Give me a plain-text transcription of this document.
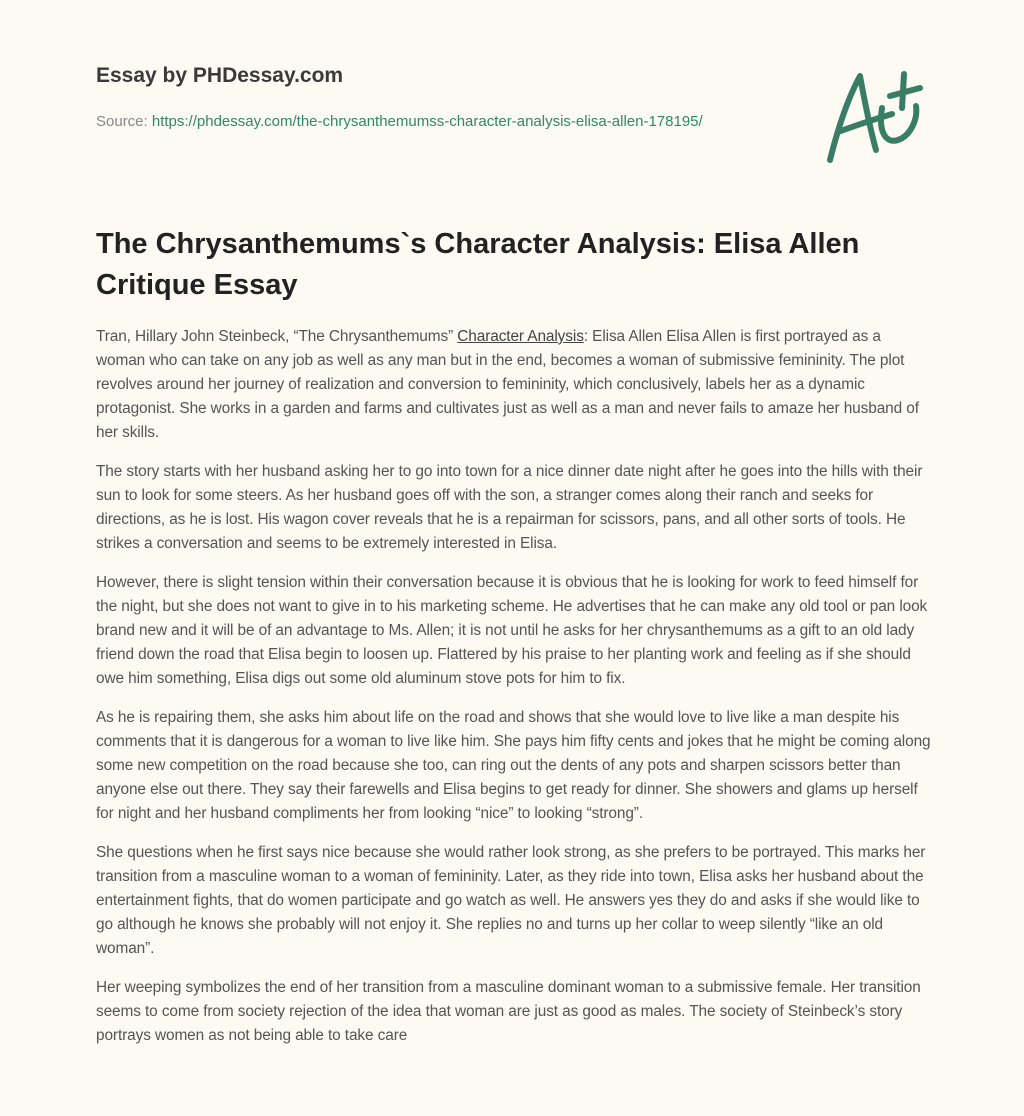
Essay by PHDessay.com
Source: https://phdessay.com/the-chrysanthemumss-character-analysis-elisa-allen-178195/
The Chrysanthemums`s Character Analysis: Elisa Allen Critique Essay

Tran, Hillary John Steinbeck, “The Chrysanthemums” Character Analysis: Elisa Allen Elisa Allen is first portrayed as a woman who can take on any job as well as any man but in the end, becomes a woman of submissive femininity. The plot revolves around her journey of realization and conversion to femininity, which conclusively, labels her as a dynamic protagonist. She works in a garden and farms and cultivates just as well as a man and never fails to amaze her husband of her skills.

The story starts with her husband asking her to go into town for a nice dinner date night after he goes into the hills with their sun to look for some steers. As her husband goes off with the son, a stranger comes along their ranch and seeks for directions, as he is lost. His wagon cover reveals that he is a repairman for scissors, pans, and all other sorts of tools. He strikes a conversation and seems to be extremely interested in Elisa.

However, there is slight tension within their conversation because it is obvious that he is looking for work to feed himself for the night, but she does not want to give in to his marketing scheme. He advertises that he can make any old tool or pan look brand new and it will be of an advantage to Ms. Allen; it is not until he asks for her chrysanthemums as a gift to an old lady friend down the road that Elisa begin to loosen up. Flattered by his praise to her planting work and feeling as if she should owe him something, Elisa digs out some old aluminum stove pots for him to fix.

As he is repairing them, she asks him about life on the road and shows that she would love to live like a man despite his comments that it is dangerous for a woman to live like him. She pays him fifty cents and jokes that he might be coming along some new competition on the road because she too, can ring out the dents of any pots and sharpen scissors better than anyone else out there. They say their farewells and Elisa begins to get ready for dinner. She showers and glams up herself for night and her husband compliments her from looking “nice” to looking “strong”.

She questions when he first says nice because she would rather look strong, as she prefers to be portrayed. This marks her transition from a masculine woman to a woman of femininity. Later, as they ride into town, Elisa asks her husband about the entertainment fights, that do women participate and go watch as well. He answers yes they do and asks if she would like to go although he knows she probably will not enjoy it. She replies no and turns up her collar to weep silently “like an old woman”.

Her weeping symbolizes the end of her transition from a masculine dominant woman to a submissive female. Her transition seems to come from society rejection of the idea that woman are just as good as males. The society of Steinbeck’s story portrays women as not being able to take care
